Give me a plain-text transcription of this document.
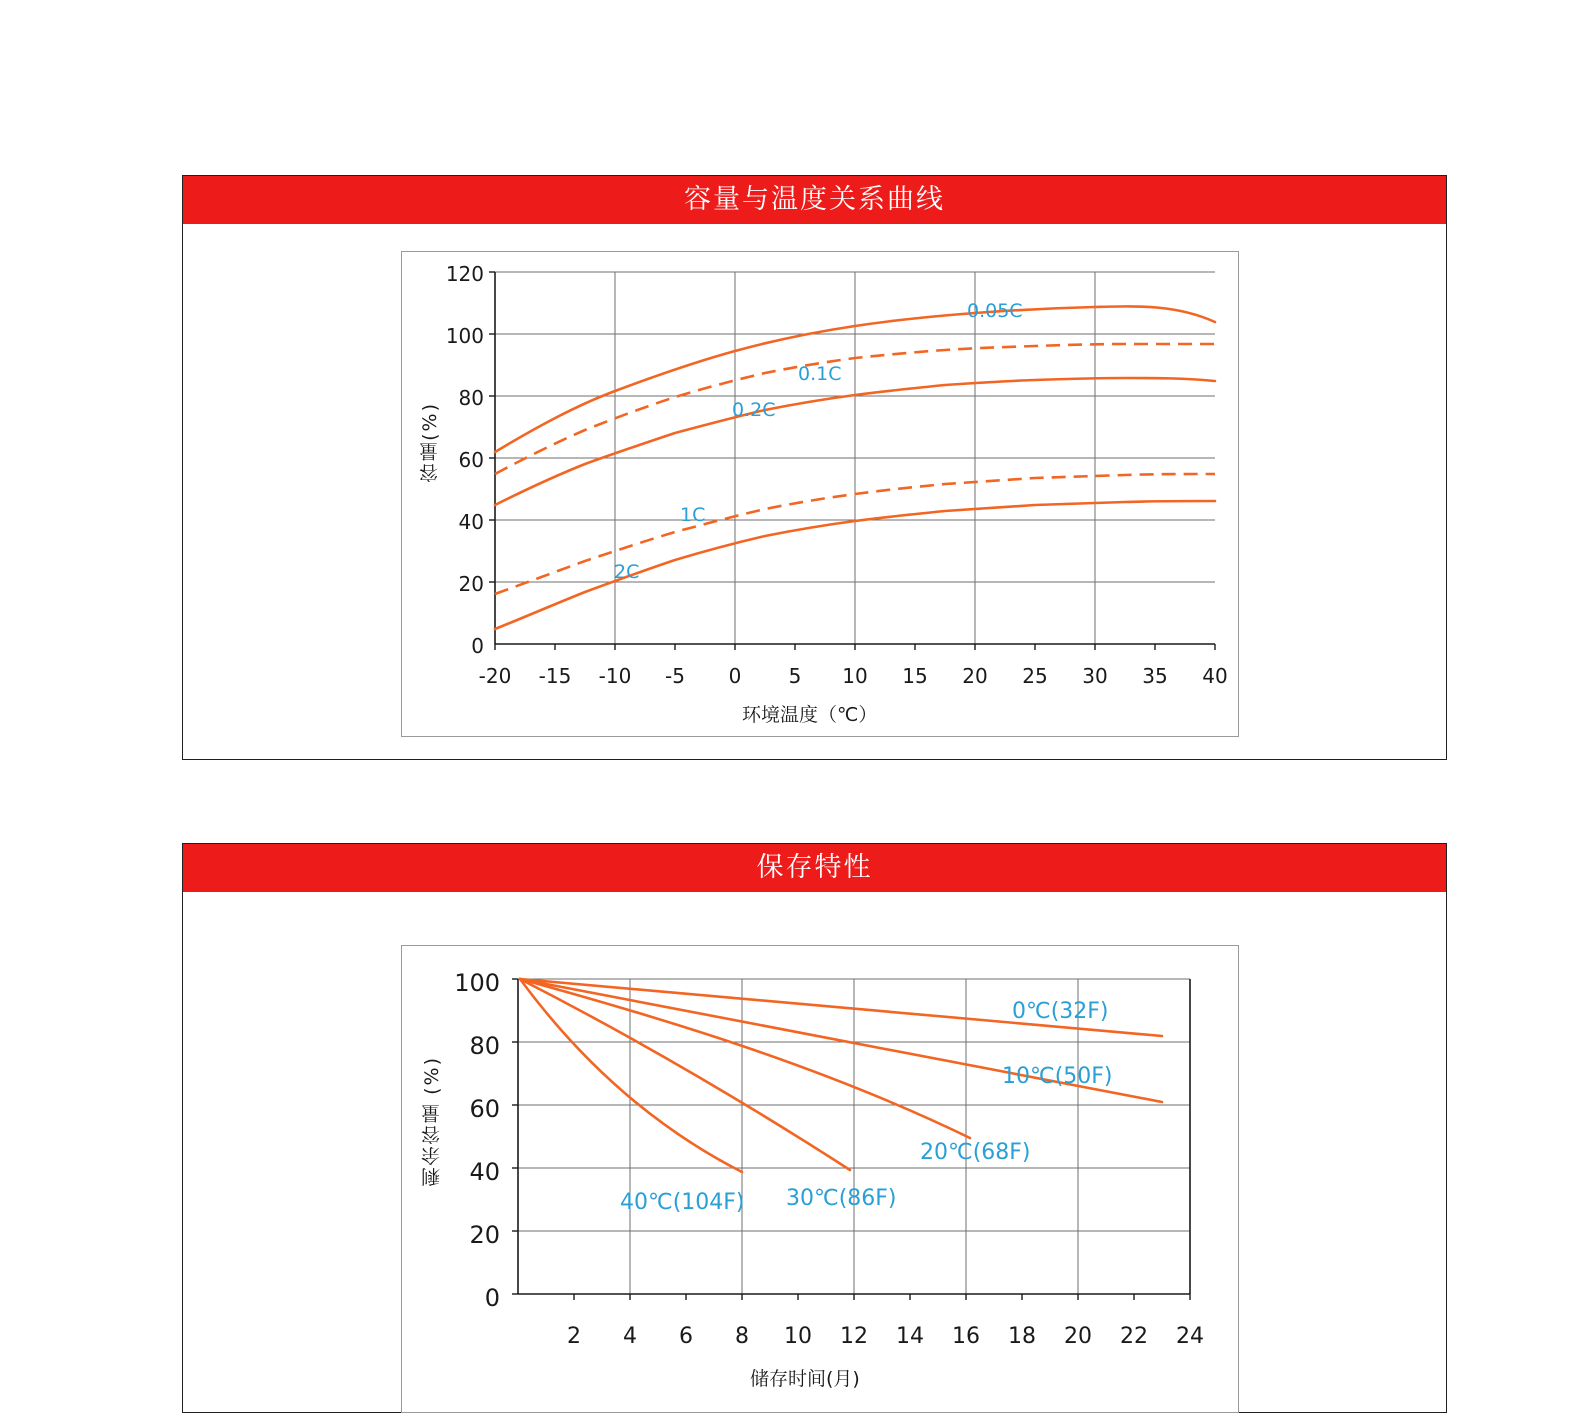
容量与温度关系曲线
容量(%)
120
100
80
60
40
20
0
-20 -15 -10	-5	0	5	10	15	20	25	30	35	40
环境温度（℃）
0.05C
0.1C
0.2C
1C
2C
保存特性
剩余容量 (%)
100
80
60
40
20
0
2	4	6	8	10 12 14 16 18 20 22 24
储存时间(月)
0℃(32F)
10℃(50F)
20℃(68F)
30℃(86F)
40℃(104F)
